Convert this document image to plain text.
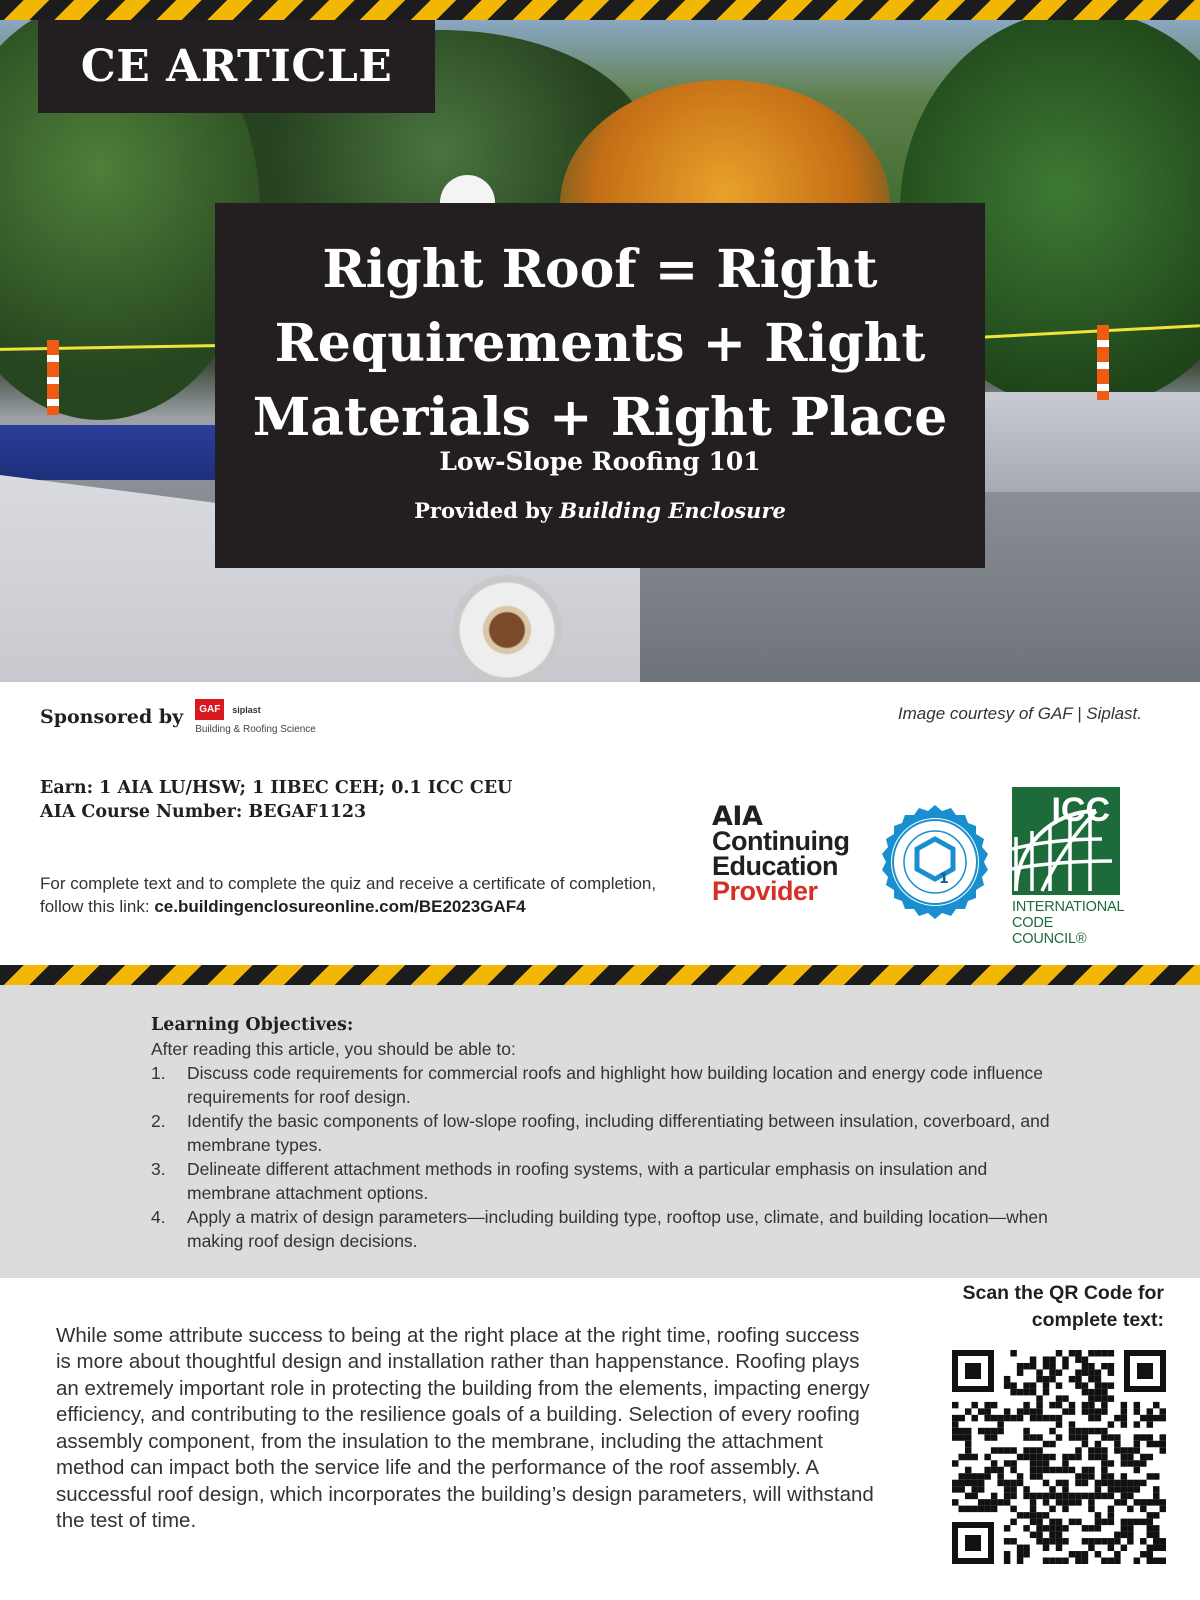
CE ARTICLE
Right Roof = Right
Requirements + Right
Materials + Right Place
Low-Slope Roofing 101
Provided by Building Enclosure
Sponsored by	GAF	siplast
Building & Roofing Science
Image courtesy of GAF | Siplast.
Earn: 1 AIA LU/HSW; 1 IIBEC CEH; 0.1 ICC CEU
AIA Course Number: BEGAF1123
For complete text and to complete the quiz and receive a certificate of completion, follow this link: ce.buildingenclosureonline.com/BE2023GAF4
AIA
Continuing
Education
Provider	1
ICC
INTERNATIONAL
CODE COUNCIL®
Learning Objectives:
After reading this article, you should be able to:
1.	Discuss code requirements for commercial roofs and highlight how building location and energy code influence requirements for roof design.
2.	Identify the basic components of low-slope roofing, including differentiating between insulation, coverboard, and membrane types.
3.	Delineate different attachment methods in roofing systems, with a particular emphasis on insulation and membrane attachment options.
4.	Apply a matrix of design parameters—including building type, rooftop use, climate, and building location—when making roof design decisions.

While some attribute success to being at the right place at the right time, roofing success is more about thoughtful design and installation rather than happenstance. Roofing plays an extremely important role in protecting the building from the elements, impacting energy efficiency, and contributing to the resilience goals of a building. Selection of every roofing assembly component, from the insulation to the membrane, including the attachment method can impact both the service life and the performance of the roof assembly. A successful roof design, which incorporates the building’s design parameters, will withstand the test of time.

Scan the QR Code for
complete text:
